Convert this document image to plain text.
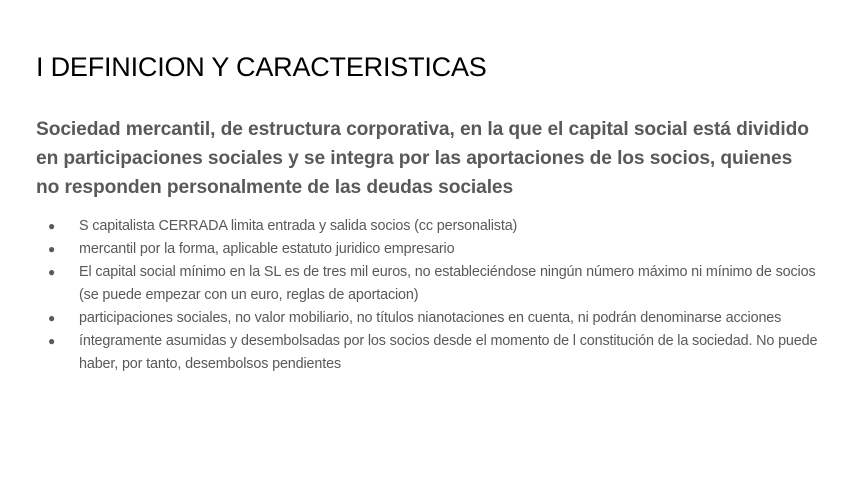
I DEFINICION Y CARACTERISTICAS
Sociedad mercantil, de estructura corporativa, en la que el capital social está dividido en participaciones sociales y se integra por las aportaciones de los socios, quienes no responden personalmente de las deudas sociales
● S capitalista CERRADA limita entrada y salida socios (cc personalista)
● mercantil por la forma, aplicable estatuto juridico empresario
● El capital social mínimo en la SL es de tres mil euros, no estableciéndose ningún número máximo ni mínimo de socios (se puede empezar con un euro, reglas de aportacion)
● participaciones sociales, no valor mobiliario, no títulos nianotaciones en cuenta, ni podrán denominarse acciones
● íntegramente asumidas y desembolsadas por los socios desde el momento de l constitución de la sociedad. No puede haber, por tanto, desembolsos pendientes
